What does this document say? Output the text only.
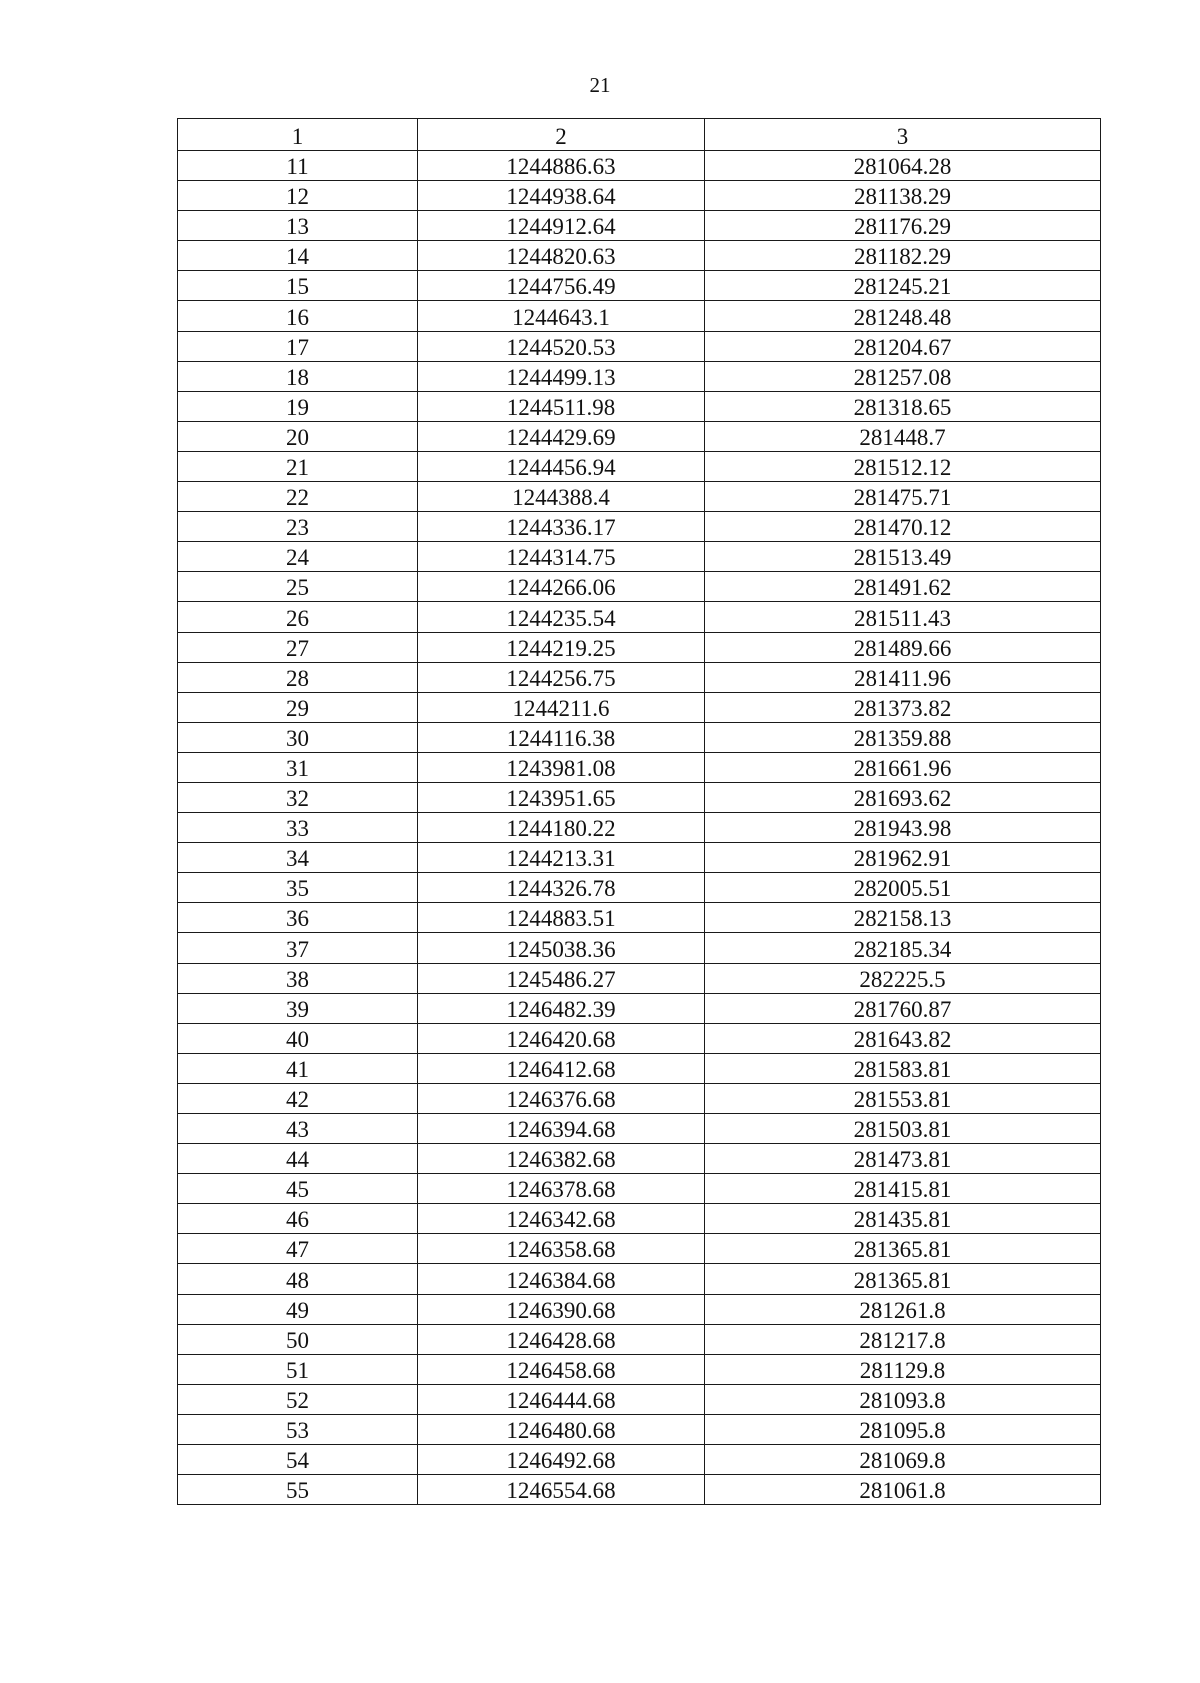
21
1	2	3
11	1244886.63	281064.28
12	1244938.64	281138.29
13	1244912.64	281176.29
14	1244820.63	281182.29
15	1244756.49	281245.21
16	1244643.1	281248.48
17	1244520.53	281204.67
18	1244499.13	281257.08
19	1244511.98	281318.65
20	1244429.69	281448.7
21	1244456.94	281512.12
22	1244388.4	281475.71
23	1244336.17	281470.12
24	1244314.75	281513.49
25	1244266.06	281491.62
26	1244235.54	281511.43
27	1244219.25	281489.66
28	1244256.75	281411.96
29	1244211.6	281373.82
30	1244116.38	281359.88
31	1243981.08	281661.96
32	1243951.65	281693.62
33	1244180.22	281943.98
34	1244213.31	281962.91
35	1244326.78	282005.51
36	1244883.51	282158.13
37	1245038.36	282185.34
38	1245486.27	282225.5
39	1246482.39	281760.87
40	1246420.68	281643.82
41	1246412.68	281583.81
42	1246376.68	281553.81
43	1246394.68	281503.81
44	1246382.68	281473.81
45	1246378.68	281415.81
46	1246342.68	281435.81
47	1246358.68	281365.81
48	1246384.68	281365.81
49	1246390.68	281261.8
50	1246428.68	281217.8
51	1246458.68	281129.8
52	1246444.68	281093.8
53	1246480.68	281095.8
54	1246492.68	281069.8
55	1246554.68	281061.8
